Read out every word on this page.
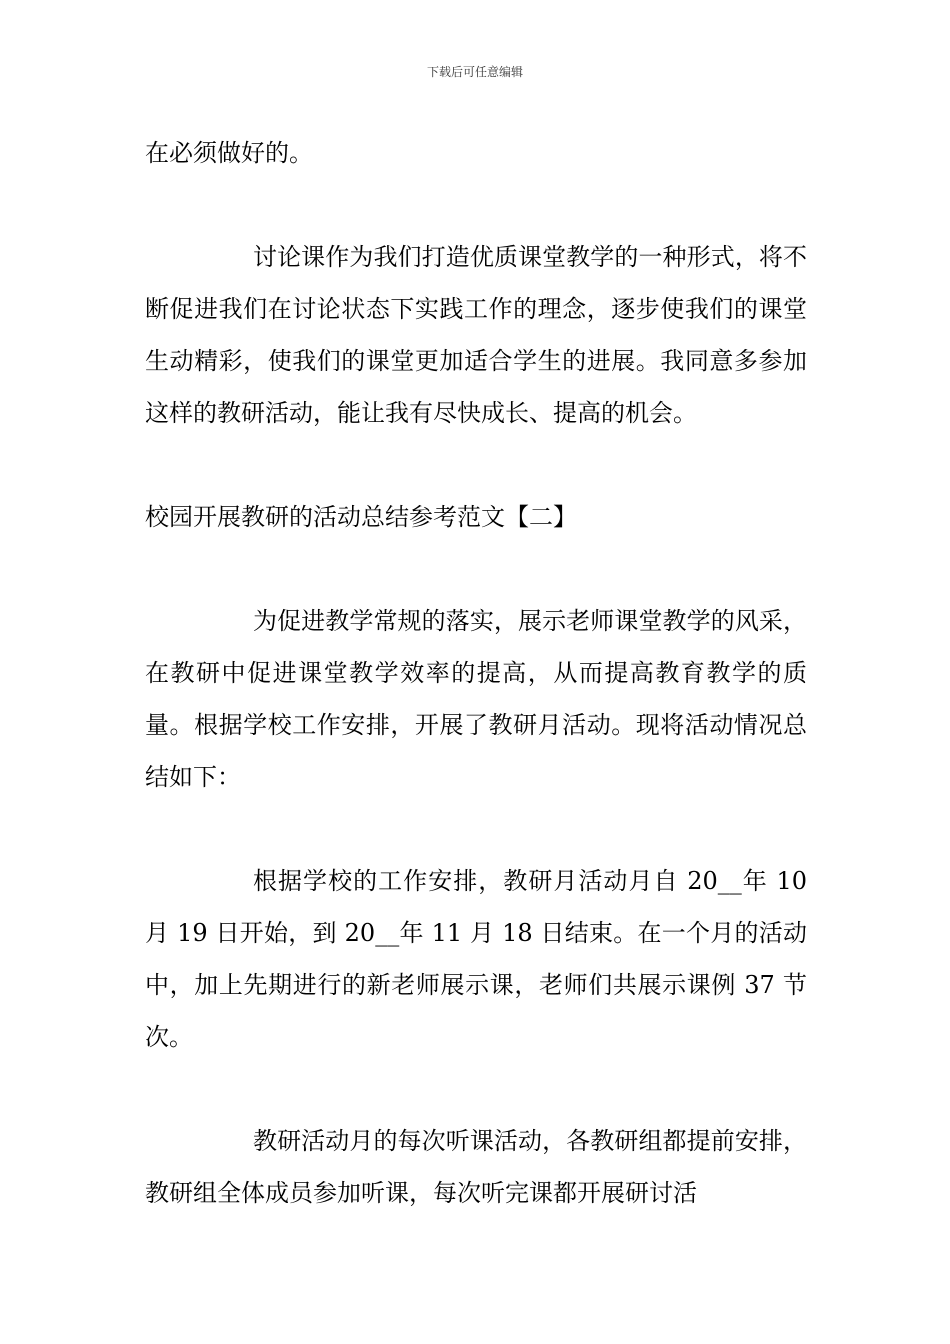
下载后可任意编辑

在必须做好的。

讨论课作为我们打造优质课堂教学的一种形式，将不断促进我们在讨论状态下实践工作的理念，逐步使我们的课堂生动精彩，使我们的课堂更加适合学生的进展。我同意多参加这样的教研活动，能让我有尽快成长、提高的机会。

校园开展教研的活动总结参考范文【二】

为促进教学常规的落实，展示老师课堂教学的风采，在教研中促进课堂教学效率的提高，从而提高教育教学的质量。根据学校工作安排，开展了教研月活动。现将活动情况总结如下：

根据学校的工作安排，教研月活动月自 20__年 10 月 19 日开始，到 20__年 11 月 18 日结束。在一个月的活动中，加上先期进行的新老师展示课，老师们共展示课例 37 节次。

教研活动月的每次听课活动，各教研组都提前安排，教研组全体成员参加听课，每次听完课都开展研讨活
